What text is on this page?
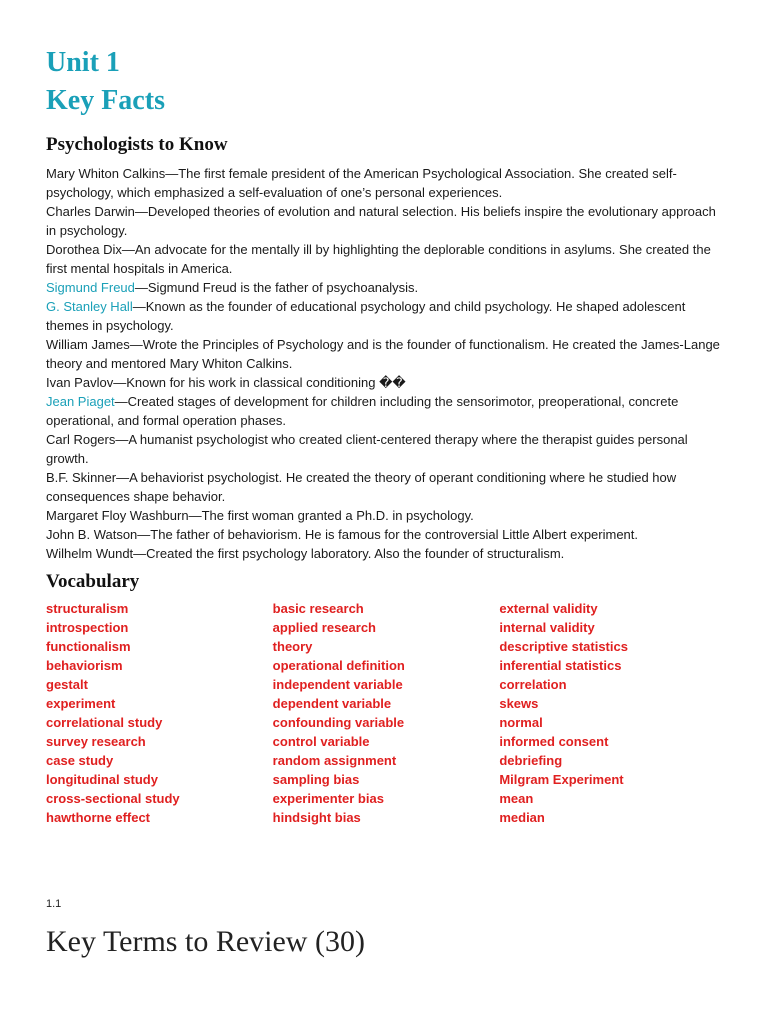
Unit 1
Key Facts
Psychologists to Know

Mary Whiton Calkins—The first female president of the American Psychological Association. She created self-psychology, which emphasized a self-evaluation of one’s personal experiences.

Charles Darwin—Developed theories of evolution and natural selection. His beliefs inspire the evolutionary approach in psychology.

Dorothea Dix—An advocate for the mentally ill by highlighting the deplorable conditions in asylums. She created the first mental hospitals in America.

Sigmund Freud—Sigmund Freud is the father of psychoanalysis.

G. Stanley Hall—Known as the founder of educational psychology and child psychology. He shaped adolescent themes in psychology.

William James—Wrote the Principles of Psychology and is the founder of functionalism. He created the James-Lange theory and mentored Mary Whiton Calkins.

Ivan Pavlov—Known for his work in classical conditioning ��

Jean Piaget—Created stages of development for children including the sensorimotor, preoperational, concrete operational, and formal operation phases.

Carl Rogers—A humanist psychologist who created client-centered therapy where the therapist guides personal growth.

B.F. Skinner—A behaviorist psychologist. He created the theory of operant conditioning where he studied how consequences shape behavior.

Margaret Floy Washburn—The first woman granted a Ph.D. in psychology.

John B. Watson—The father of behaviorism. He is famous for the controversial Little Albert experiment.

Wilhelm Wundt—Created the first psychology laboratory. Also the founder of structuralism.

Vocabulary
structuralism
introspection
functionalism
behaviorism
gestalt
experiment
correlational study
survey research
case study
longitudinal study
cross-sectional study
hawthorne effect
basic research
applied research
theory
operational definition
independent variable
dependent variable
confounding variable
control variable
random assignment
sampling bias
experimenter bias
hindsight bias
external validity
internal validity
descriptive statistics
inferential statistics
correlation
skews
normal
informed consent
debriefing
Milgram Experiment
mean
median
1.1
Key Terms to Review (30)
